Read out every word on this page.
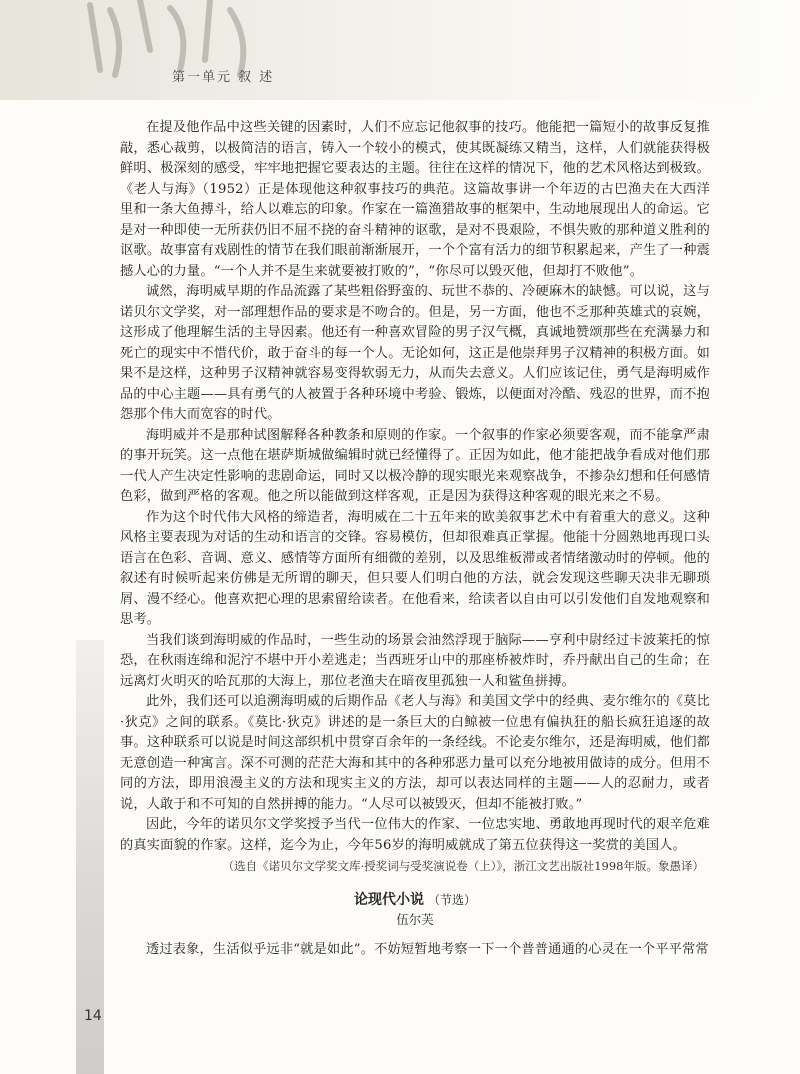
第一单元 叙 述
14

在提及他作品中这些关键的因素时，人们不应忘记他叙事的技巧。他能把一篇短小的故事反复推敲，悉心裁剪，以极简洁的语言，铸入一个较小的模式，使其既凝练又精当，这样，人们就能获得极鲜明、极深刻的感受，牢牢地把握它要表达的主题。往往在这样的情况下，他的艺术风格达到极致。《老人与海》（1952）正是体现他这种叙事技巧的典范。这篇故事讲一个年迈的古巴渔夫在大西洋里和一条大鱼搏斗，给人以难忘的印象。作家在一篇渔猎故事的框架中，生动地展现出人的命运。它是对一种即使一无所获仍旧不屈不挠的奋斗精神的讴歌，是对不畏艰险，不惧失败的那种道义胜利的讴歌。故事富有戏剧性的情节在我们眼前渐渐展开，一个个富有活力的细节积累起来，产生了一种震撼人心的力量。“一个人并不是生来就要被打败的”，“你尽可以毁灭他，但却打不败他”。

诚然，海明威早期的作品流露了某些粗俗野蛮的、玩世不恭的、冷硬麻木的缺憾。可以说，这与诺贝尔文学奖，对一部理想作品的要求是不吻合的。但是，另一方面，他也不乏那种英雄式的哀婉，这形成了他理解生活的主导因素。他还有一种喜欢冒险的男子汉气概，真诚地赞颂那些在充满暴力和死亡的现实中不惜代价，敢于奋斗的每一个人。无论如何，这正是他崇拜男子汉精神的积极方面。如果不是这样，这种男子汉精神就容易变得软弱无力，从而失去意义。人们应该记住，勇气是海明威作品的中心主题——具有勇气的人被置于各种环境中考验、锻炼，以便面对冷酷、残忍的世界，而不抱怨那个伟大而宽容的时代。

海明威并不是那种试图解释各种教条和原则的作家。一个叙事的作家必须要客观，而不能拿严肃的事开玩笑。这一点他在堪萨斯城做编辑时就已经懂得了。正因为如此，他才能把战争看成对他们那一代人产生决定性影响的悲剧命运，同时又以极冷静的现实眼光来观察战争，不掺杂幻想和任何感情色彩，做到严格的客观。他之所以能做到这样客观，正是因为获得这种客观的眼光来之不易。

作为这个时代伟大风格的缔造者，海明威在二十五年来的欧美叙事艺术中有着重大的意义。这种风格主要表现为对话的生动和语言的交锋。容易模仿，但却很难真正掌握。他能十分圆熟地再现口头语言在色彩、音调、意义、感情等方面所有细微的差别，以及思维板滞或者情绪激动时的停顿。他的叙述有时候听起来仿佛是无所谓的聊天，但只要人们明白他的方法，就会发现这些聊天决非无聊琐屑、漫不经心。他喜欢把心理的思索留给读者。在他看来，给读者以自由可以引发他们自发地观察和思考。

当我们谈到海明威的作品时，一些生动的场景会油然浮现于脑际——亨利中尉经过卡波莱托的惊恐，在秋雨连绵和泥泞不堪中开小差逃走；当西班牙山中的那座桥被炸时，乔丹献出自己的生命；在远离灯火明灭的哈瓦那的大海上，那位老渔夫在暗夜里孤独一人和鲨鱼拼搏。

此外，我们还可以追溯海明威的后期作品《老人与海》和美国文学中的经典、麦尔维尔的《莫比·狄克》之间的联系。《莫比·狄克》讲述的是一条巨大的白鲸被一位患有偏执狂的船长疯狂追逐的故事。这种联系可以说是时间这部织机中贯穿百余年的一条经线。不论麦尔维尔，还是海明威，他们都无意创造一种寓言。深不可测的茫茫大海和其中的各种邪恶力量可以充分地被用做诗的成分。但用不同的方法，即用浪漫主义的方法和现实主义的方法，却可以表达同样的主题——人的忍耐力，或者说，人敢于和不可知的自然拼搏的能力。“人尽可以被毁灭，但却不能被打败。”

因此，今年的诺贝尔文学奖授予当代一位伟大的作家、一位忠实地、勇敢地再现时代的艰辛危难的真实面貌的作家。这样，迄今为止，今年56岁的海明威就成了第五位获得这一奖赏的美国人。

（选自《诺贝尔文学奖文库·授奖词与受奖演说卷（上）》，浙江文艺出版社1998年版。象愚译）
论现代小说 （节选）
伍尔芙

透过表象，生活似乎远非“就是如此”。不妨短暂地考察一下一个普普通通的心灵在一个平平常常
